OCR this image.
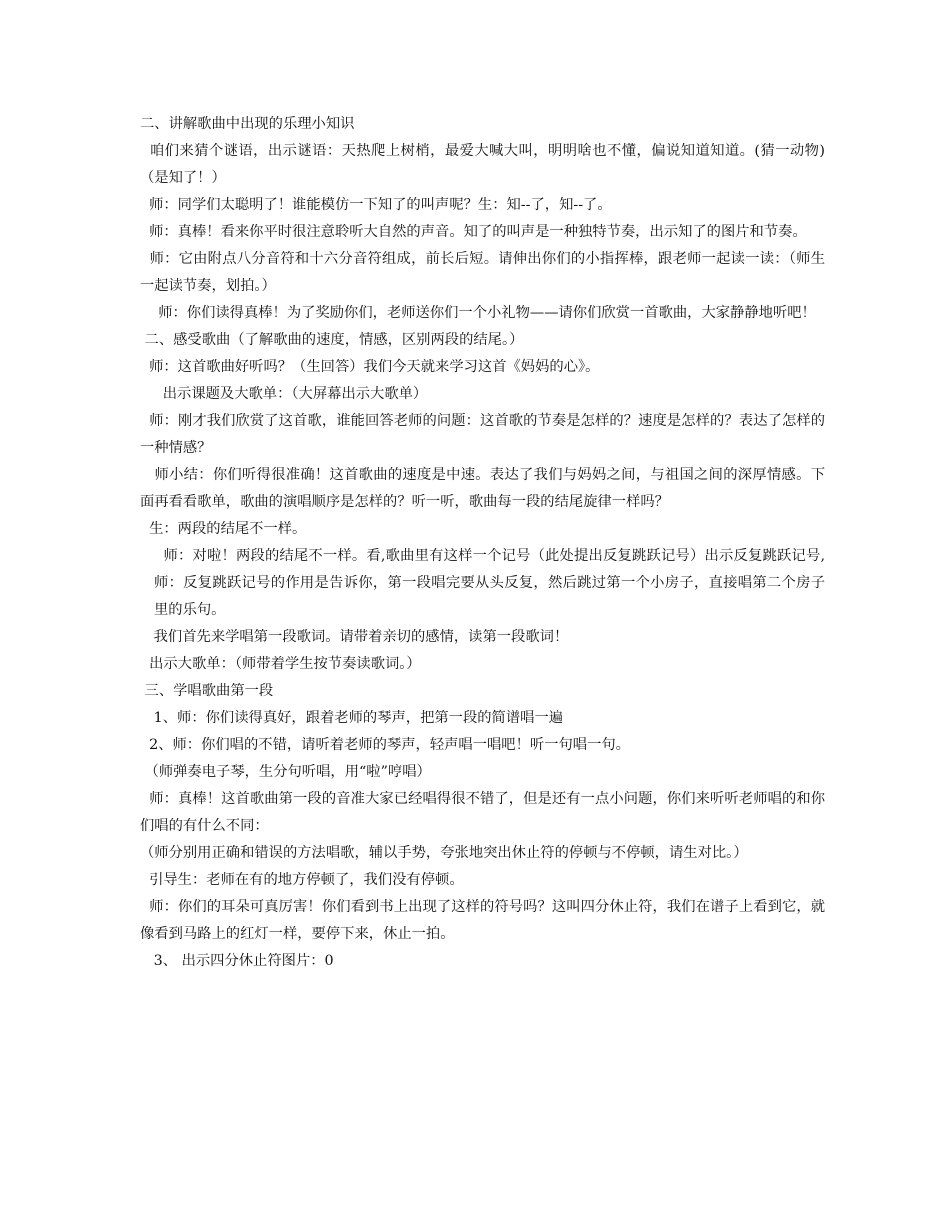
二、讲解歌曲中出现的乐理小知识

咱们来猜个谜语，出示谜语：天热爬上树梢，最爱大喊大叫，明明啥也不懂，偏说知道知道。(猜一动物) （是知了！）

师：同学们太聪明了！谁能模仿一下知了的叫声呢？生：知--了，知--了。

师：真棒！看来你平时很注意聆听大自然的声音。知了的叫声是一种独特节奏，出示知了的图片和节奏。

师：它由附点八分音符和十六分音符组成，前长后短。请伸出你们的小指挥棒，跟老师一起读一读：（师生一起读节奏，划拍。）

师：你们读得真棒！为了奖励你们，老师送你们一个小礼物——请你们欣赏一首歌曲，大家静静地听吧！

二、感受歌曲（了解歌曲的速度，情感，区别两段的结尾。）

师：这首歌曲好听吗？（生回答）我们今天就来学习这首《妈妈的心》。

出示课题及大歌单：（大屏幕出示大歌单）

师：刚才我们欣赏了这首歌，谁能回答老师的问题：这首歌的节奏是怎样的？速度是怎样的？表达了怎样的一种情感？

师小结：你们听得很准确！这首歌曲的速度是中速。表达了我们与妈妈之间，与祖国之间的深厚情感。下面再看看歌单，歌曲的演唱顺序是怎样的？听一听，歌曲每一段的结尾旋律一样吗？

生：两段的结尾不一样。

师：对啦！两段的结尾不一样。看,歌曲里有这样一个记号（此处提出反复跳跃记号）出示反复跳跃记号,师：反复跳跃记号的作用是告诉你，第一段唱完要从头反复，然后跳过第一个小房子，直接唱第二个房子里的乐句。

我们首先来学唱第一段歌词。请带着亲切的感情，读第一段歌词！

出示大歌单：（师带着学生按节奏读歌词。）

三、学唱歌曲第一段

1、师：你们读得真好，跟着老师的琴声，把第一段的简谱唱一遍

2、师：你们唱的不错，请听着老师的琴声，轻声唱一唱吧！听一句唱一句。

（师弹奏电子琴，生分句听唱，用“啦”哼唱）

师：真棒！这首歌曲第一段的音准大家已经唱得很不错了，但是还有一点小问题，你们来听听老师唱的和你们唱的有什么不同：

（师分别用正确和错误的方法唱歌，辅以手势，夸张地突出休止符的停顿与不停顿，请生对比。）

引导生：老师在有的地方停顿了，我们没有停顿。

师：你们的耳朵可真厉害！你们看到书上出现了这样的符号吗？这叫四分休止符，我们在谱子上看到它，就像看到马路上的红灯一样，要停下来，休止一拍。

3、 出示四分休止符图片：0
